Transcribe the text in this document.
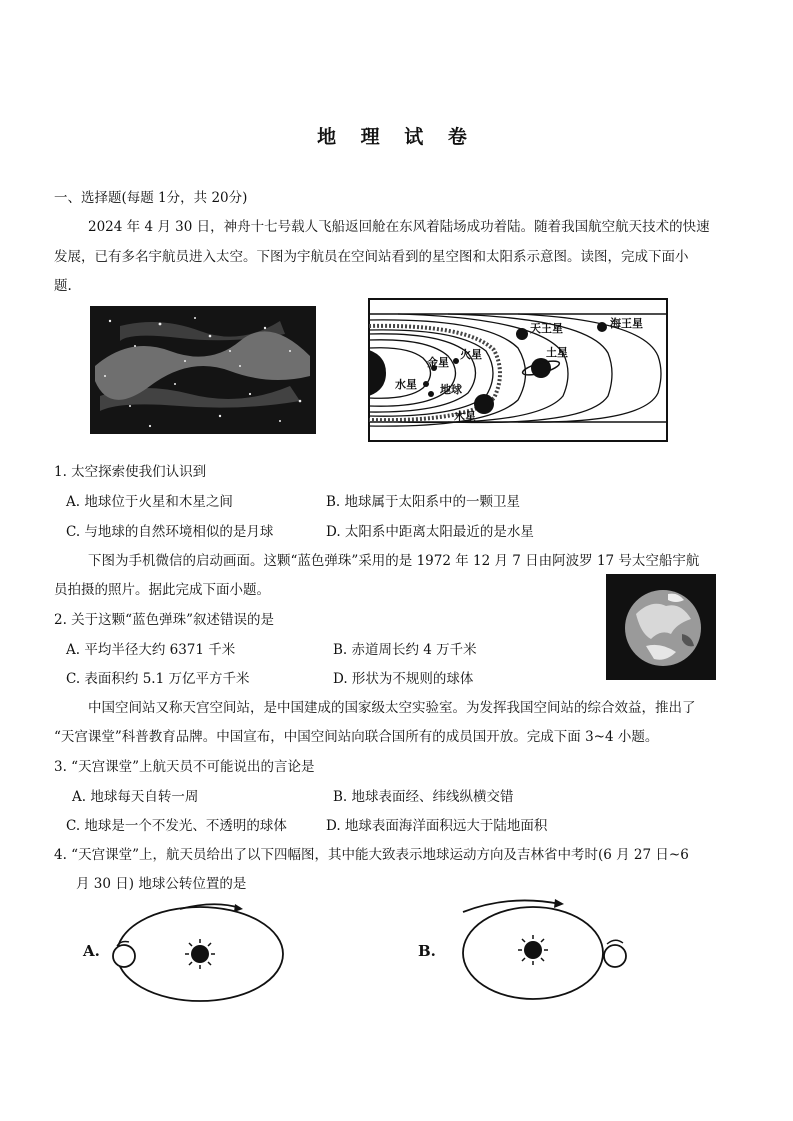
地 理 试 卷
一、选择题(每题 1分，共 20分)
2024 年 4 月 30 日，神舟十七号载人飞船返回舱在东风着陆场成功着陆。随着我国航空航天技术的快速
发展，已有多名宇航员进入太空。下图为宇航员在空间站看到的星空图和太阳系示意图。读图，完成下面小
题.
天王星	海王星
土星
火星
金星
水星 地球
木星
1. 太空探索使我们认识到
A. 地球位于火星和木星之间	B. 地球属于太阳系中的一颗卫星
C. 与地球的自然环境相似的是月球	D. 太阳系中距离太阳最近的是水星
下图为手机微信的启动画面。这颗“蓝色弹珠”采用的是 1972 年 12 月 7 日由阿波罗 17 号太空船宇航
员拍摄的照片。据此完成下面小题。
2. 关于这颗“蓝色弹珠”叙述错误的是
A. 平均半径大约 6371 千米	B. 赤道周长约 4 万千米
C. 表面积约 5.1 万亿平方千米	D. 形状为不规则的球体
中国空间站又称天宫空间站，是中国建成的国家级太空实验室。为发挥我国空间站的综合效益，推出了
“天宫课堂”科普教育品牌。中国宣布，中国空间站向联合国所有的成员国开放。完成下面 3~4 小题。
3. “天宫课堂”上航天员不可能说出的言论是
A. 地球每天自转一周	B. 地球表面经、纬线纵横交错
C. 地球是一个不发光、不透明的球体	D. 地球表面海洋面积远大于陆地面积
4. “天宫课堂”上，航天员给出了以下四幅图，其中能大致表示地球运动方向及吉林省中考时(6 月 27 日~6
月 30 日) 地球公转位置的是
A.	B.
